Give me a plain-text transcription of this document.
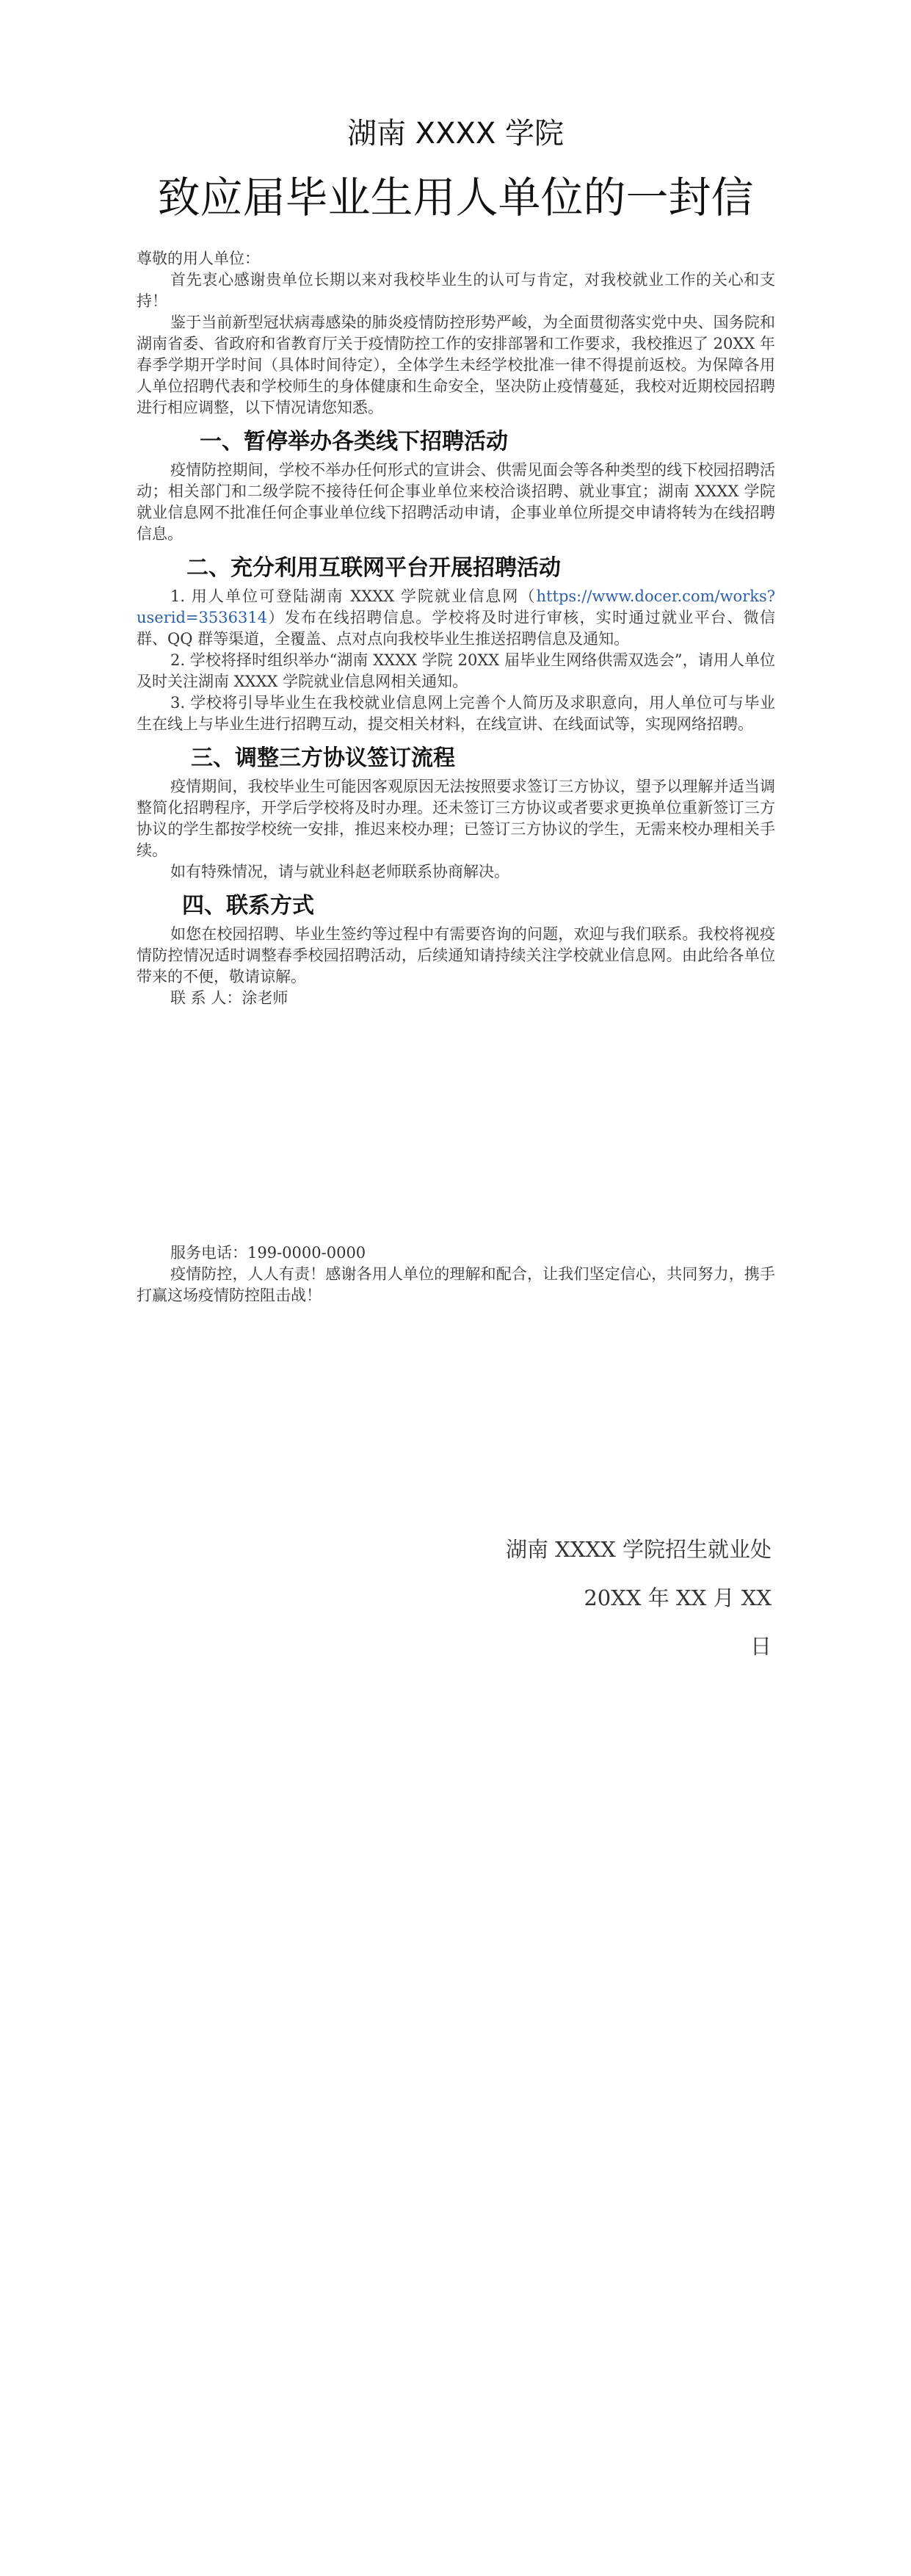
湖南 XXXX 学院
致应届毕业生用人单位的一封信

尊敬的用人单位：

首先衷心感谢贵单位长期以来对我校毕业生的认可与肯定，对我校就业工作的关心和支持！

鉴于当前新型冠状病毒感染的肺炎疫情防控形势严峻，为全面贯彻落实党中央、国务院和湖南省委、省政府和省教育厅关于疫情防控工作的安排部署和工作要求，我校推迟了 20XX 年春季学期开学时间（具体时间待定），全体学生未经学校批准一律不得提前返校。为保障各用人单位招聘代表和学校师生的身体健康和生命安全，坚决防止疫情蔓延，我校对近期校园招聘进行相应调整，以下情况请您知悉。

一、暂停举办各类线下招聘活动

疫情防控期间，学校不举办任何形式的宣讲会、供需见面会等各种类型的线下校园招聘活动；相关部门和二级学院不接待任何企事业单位来校洽谈招聘、就业事宜；湖南 XXXX 学院就业信息网不批准任何企事业单位线下招聘活动申请，企事业单位所提交申请将转为在线招聘信息。

二、充分利用互联网平台开展招聘活动

1. 用人单位可登陆湖南 XXXX 学院就业信息网（https://www.docer.com/works?userid=3536314）发布在线招聘信息。学校将及时进行审核，实时通过就业平台、微信群、QQ 群等渠道，全覆盖、点对点向我校毕业生推送招聘信息及通知。

2. 学校将择时组织举办“湖南 XXXX 学院 20XX 届毕业生网络供需双选会”，请用人单位及时关注湖南 XXXX 学院就业信息网相关通知。

3. 学校将引导毕业生在我校就业信息网上完善个人简历及求职意向，用人单位可与毕业生在线上与毕业生进行招聘互动，提交相关材料，在线宣讲、在线面试等，实现网络招聘。

三、调整三方协议签订流程

疫情期间，我校毕业生可能因客观原因无法按照要求签订三方协议，望予以理解并适当调整简化招聘程序，开学后学校将及时办理。还未签订三方协议或者要求更换单位重新签订三方协议的学生都按学校统一安排，推迟来校办理；已签订三方协议的学生，无需来校办理相关手续。

如有特殊情况，请与就业科赵老师联系协商解决。

四、联系方式

如您在校园招聘、毕业生签约等过程中有需要咨询的问题，欢迎与我们联系。我校将视疫情防控情况适时调整春季校园招聘活动，后续通知请持续关注学校就业信息网。由此给各单位带来的不便，敬请谅解。

联 系 人：涂老师

服务电话：199-0000-0000

疫情防控，人人有责！感谢各用人单位的理解和配合，让我们坚定信心，共同努力，携手打赢这场疫情防控阻击战！

湖南 XXXX 学院招生就业处
20XX 年 XX 月 XX
日
